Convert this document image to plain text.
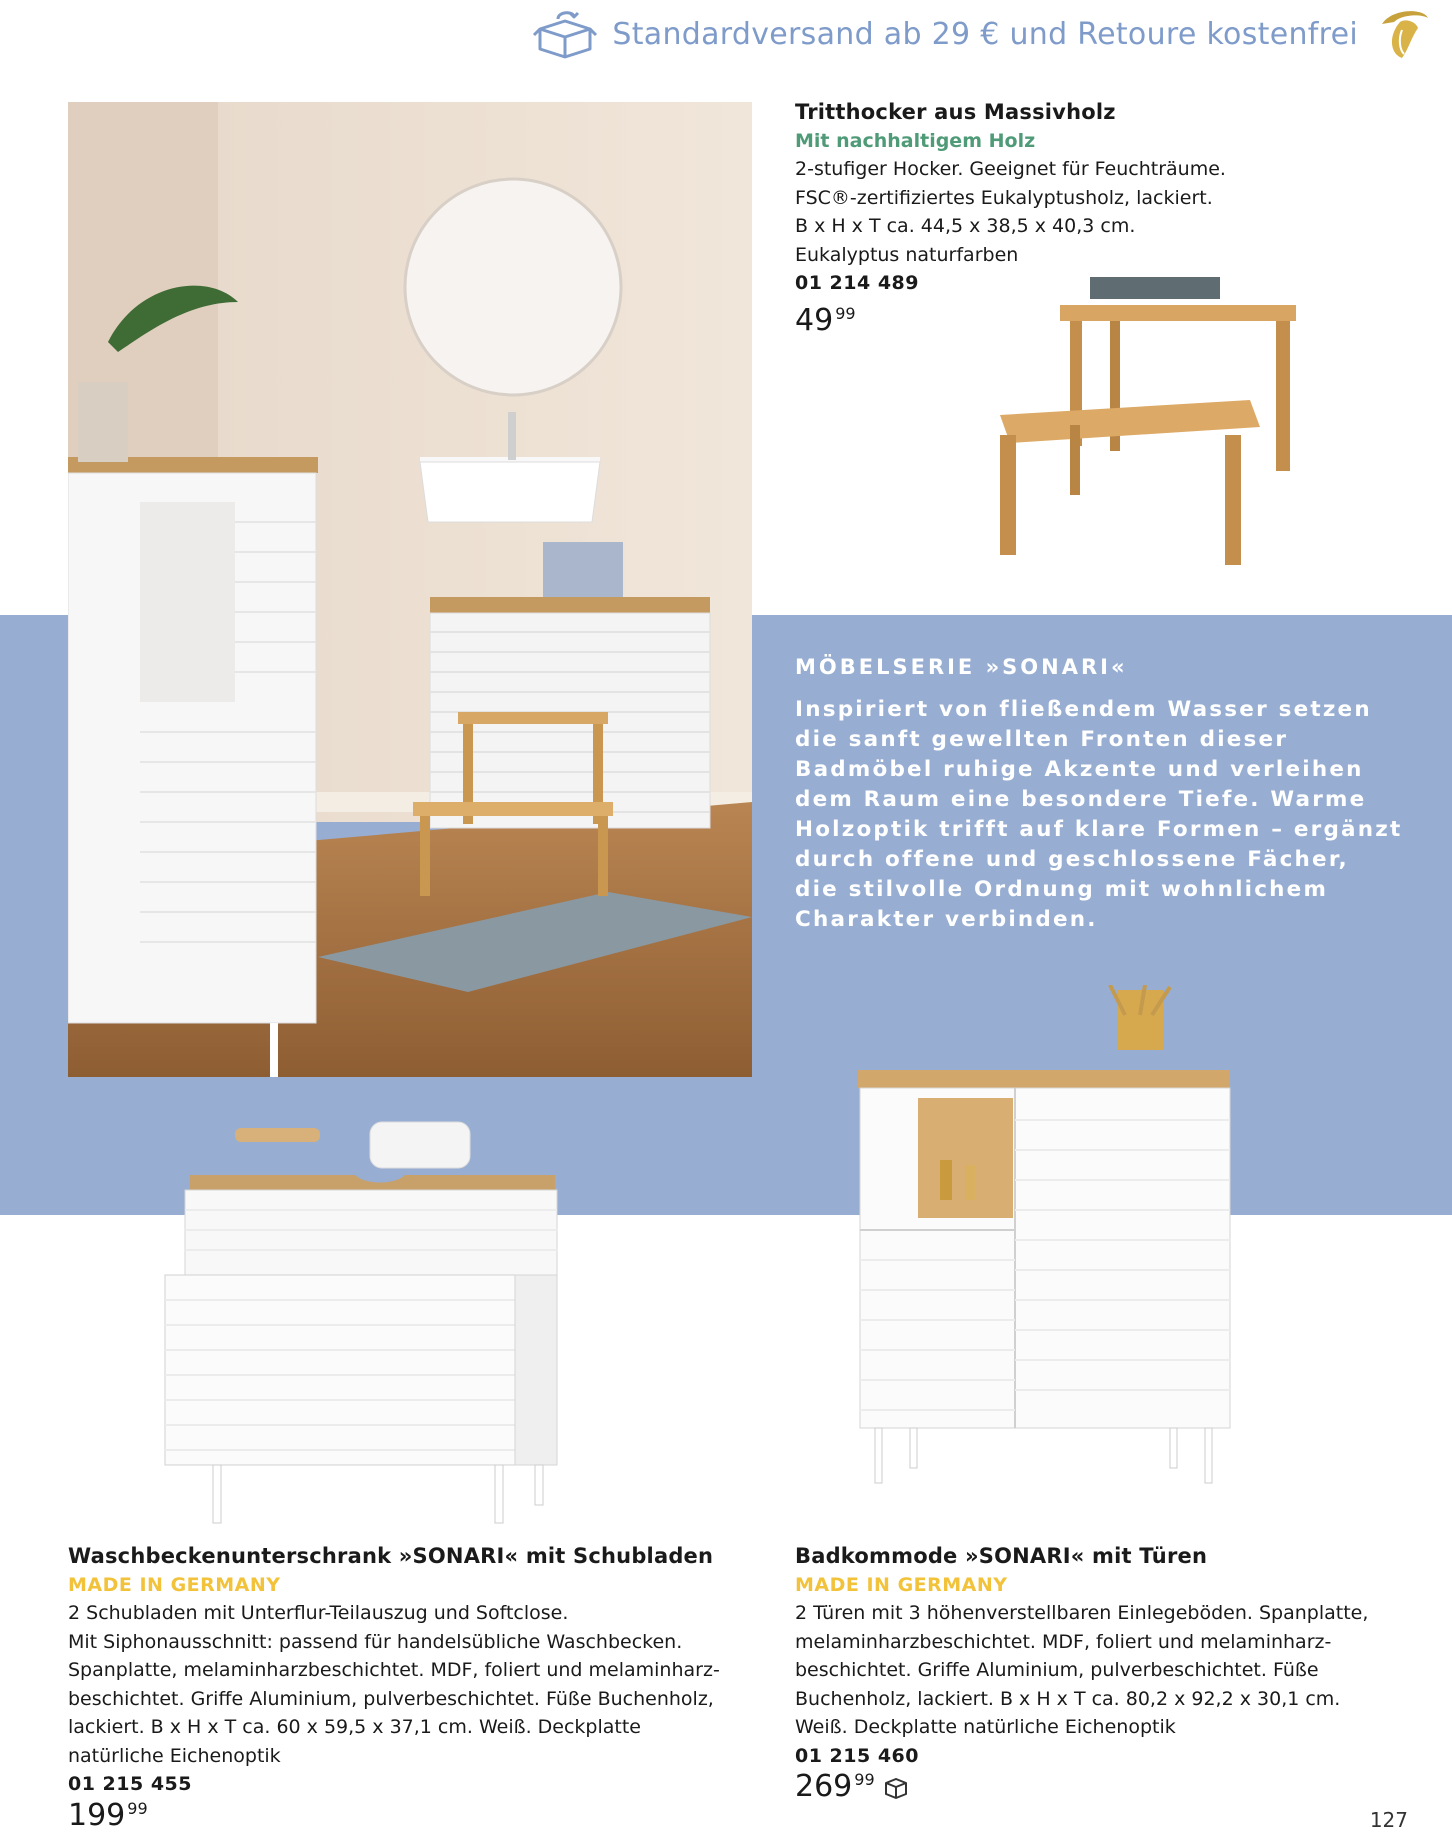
Standardversand ab 29 € und Retoure kostenfrei
Tritthocker aus Massivholz
Mit nachhaltigem Holz
2-stufiger Hocker. Geeignet für Feuchträume.
FSC®-zertifiziertes Eukalyptusholz, lackiert.
B x H x T ca. 44,5 x 38,5 x 40,3 cm.
Eukalyptus naturfarben
01 214 489
49 99
MÖBELSERIE »SONARI«
Inspiriert von fließendem Wasser setzen
die sanft gewellten Fronten dieser
Badmöbel ruhige Akzente und verleihen
dem Raum eine besondere Tiefe. Warme
Holzoptik trifft auf klare Formen – ergänzt
durch offene und geschlossene Fächer,
die stilvolle Ordnung mit wohnlichem
Charakter verbinden.
Waschbeckenunterschrank »SONARI« mit Schubladen
MADE IN GERMANY
2 Schubladen mit Unterflur-Teilauszug und Softclose.
Mit Siphonausschnitt: passend für handelsübliche Waschbecken.
Spanplatte, melaminharzbeschichtet. MDF, foliert und melaminharz-
beschichtet. Griffe Aluminium, pulverbeschichtet. Füße Buchenholz,
lackiert. B x H x T ca. 60 x 59,5 x 37,1 cm. Weiß. Deckplatte
natürliche Eichenoptik
01 215 455
199 99
Badkommode »SONARI« mit Türen
MADE IN GERMANY
2 Türen mit 3 höhenverstellbaren Einlegeböden. Spanplatte,
melaminharzbeschichtet. MDF, foliert und melaminharz-
beschichtet. Griffe Aluminium, pulverbeschichtet. Füße
Buchenholz, lackiert. B x H x T ca. 80,2 x 92,2 x 30,1 cm.
Weiß. Deckplatte natürliche Eichenoptik
01 215 460
269 99
127
